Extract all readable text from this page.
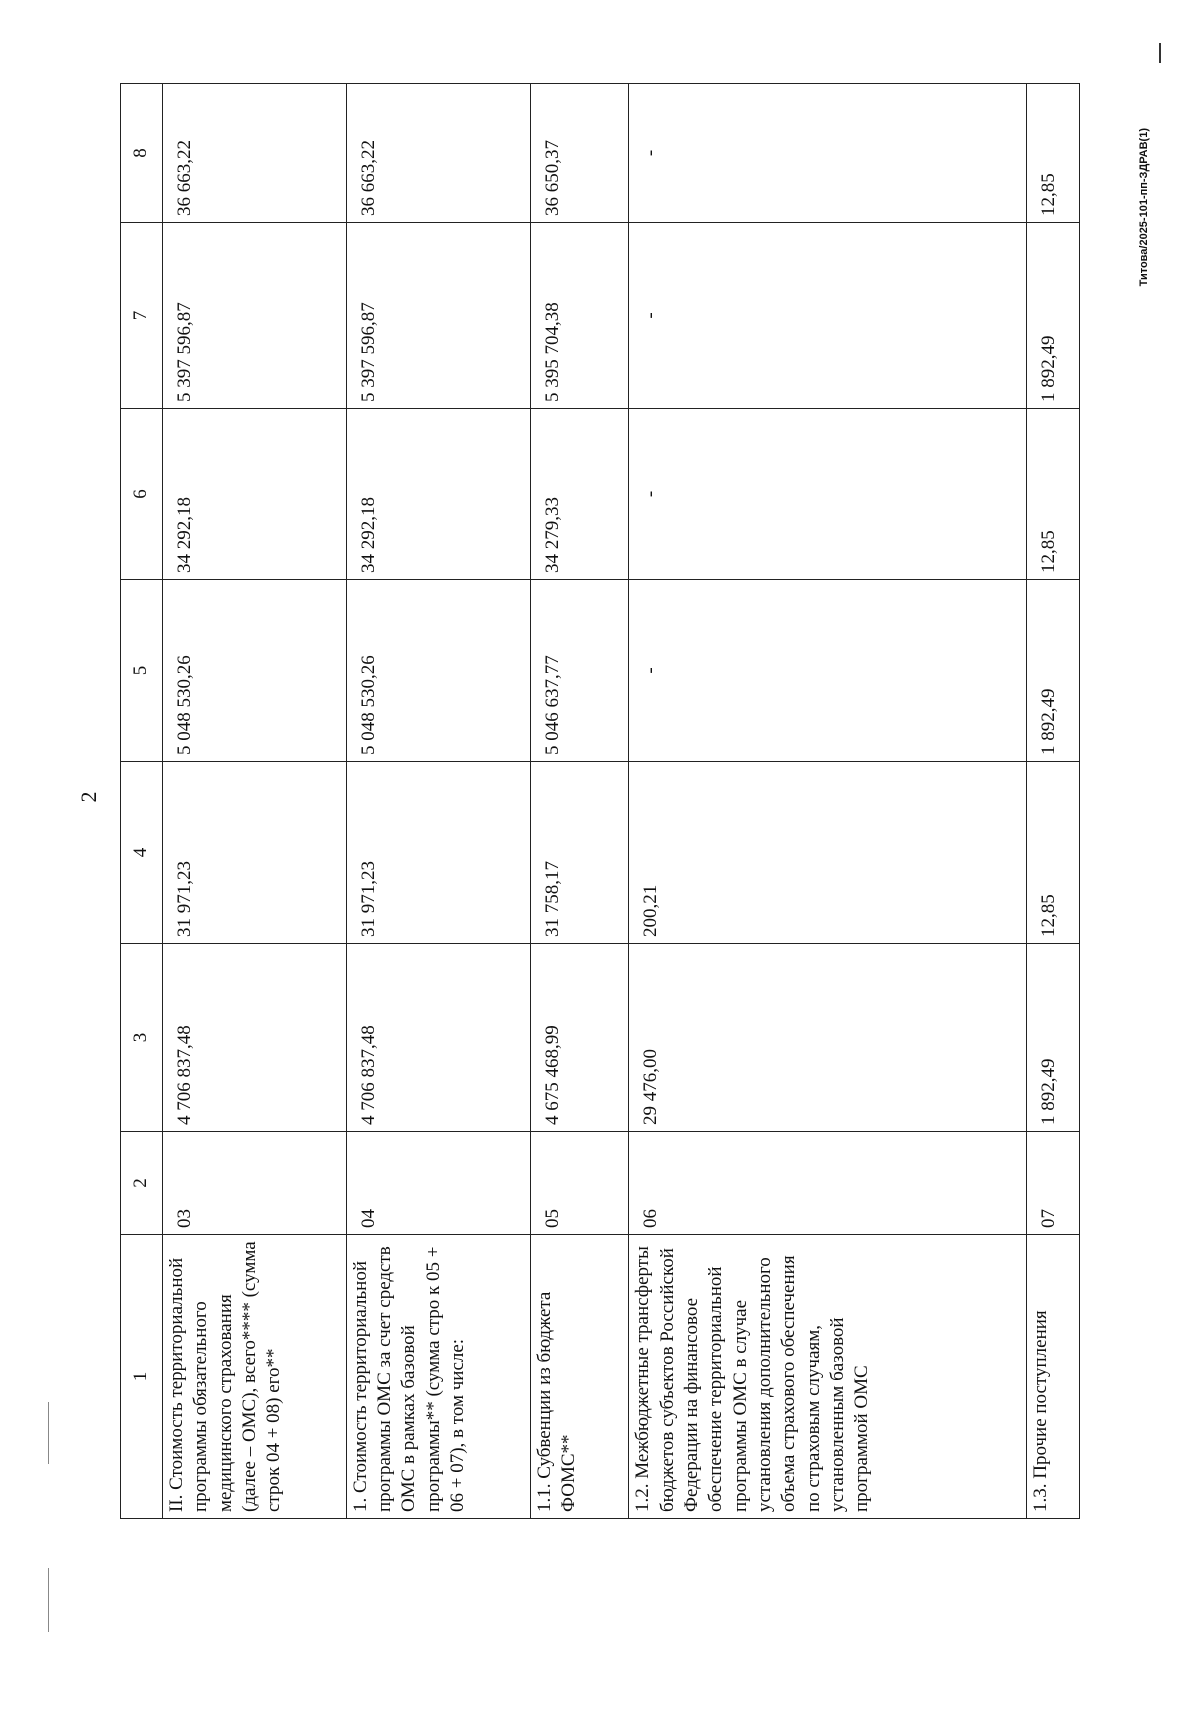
2
Титова/2025-101-пп-ЗДРАВ(1)
1	2	3	4	5	6	7	8
II. Стоимость территориальной программы обязательного медицинского страхования (далее – ОМС), всего**** (сумма строк 04 + 08) его**	03	4 706 837,48	31 971,23	5 048 530,26	34 292,18	5 397 596,87	36 663,22
1. Стоимость территориальной программы ОМС за счет средств ОМС в рамках базовой программы** (сумма стро к 05 + 06 + 07), в том числе:	04	4 706 837,48	31 971,23	5 048 530,26	34 292,18	5 397 596,87	36 663,22
1.1. Субвенции из бюджета ФОМС**	05	4 675 468,99	31 758,17	5 046 637,77	34 279,33	5 395 704,38	36 650,37
1.2. Межбюджетные трансферты бюджетов субъектов Российской Федерации на финансовое обеспечение территориальной программы ОМС в случае установления дополнительного объема страхового обеспечения по страховым случаям, установленным базовой программой ОМС	06	29 476,00	200,21	-	-	-	-
1.3. Прочие поступления	07	1 892,49	12,85	1 892,49	12,85	1 892,49	12,85
